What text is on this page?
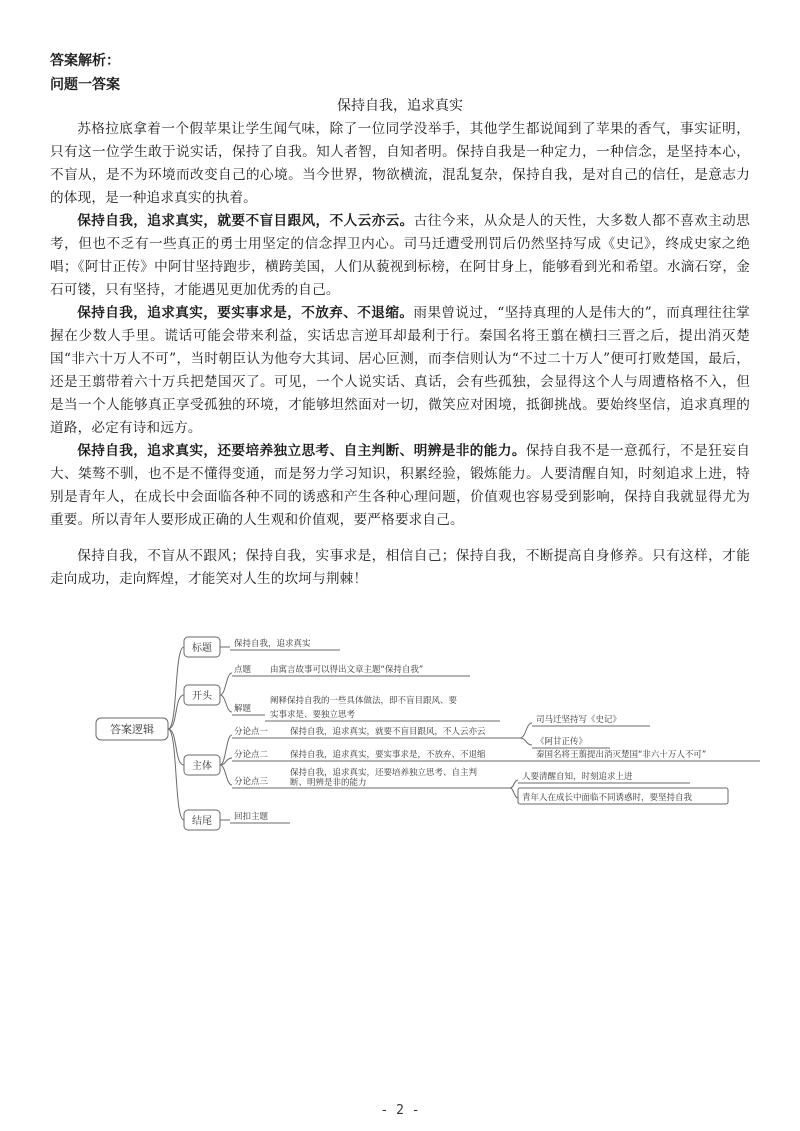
答案解析：
问题一答案
保持自我，追求真实
苏格拉底拿着一个假苹果让学生闻气味，除了一位同学没举手，其他学生都说闻到了苹果的香气，事实证明，只有这一位学生敢于说实话，保持了自我。知人者智，自知者明。保持自我是一种定力，一种信念，是坚持本心，不盲从，是不为环境而改变自己的心境。当今世界，物欲横流，混乱复杂，保持自我，是对自己的信任，是意志力的体现，是一种追求真实的执着。
保持自我，追求真实，就要不盲目跟风，不人云亦云。古往今来，从众是人的天性，大多数人都不喜欢主动思考，但也不乏有一些真正的勇士用坚定的信念捍卫内心。司马迁遭受刑罚后仍然坚持写成《史记》，终成史家之绝唱；《阿甘正传》中阿甘坚持跑步，横跨美国，人们从藐视到标榜，在阿甘身上，能够看到光和希望。水滴石穿，金石可镂，只有坚持，才能遇见更加优秀的自己。
保持自我，追求真实，要实事求是，不放弃、不退缩。雨果曾说过，“坚持真理的人是伟大的”，而真理往往掌握在少数人手里。谎话可能会带来利益，实话忠言逆耳却最利于行。秦国名将王翦在横扫三晋之后，提出消灭楚国“非六十万人不可”，当时朝臣认为他夸大其词、居心叵测，而李信则认为“不过二十万人”便可打败楚国，最后，还是王翦带着六十万兵把楚国灭了。可见，一个人说实话、真话，会有些孤独，会显得这个人与周遭格格不入，但是当一个人能够真正享受孤独的环境，才能够坦然面对一切，微笑应对困境，抵御挑战。要始终坚信，追求真理的道路，必定有诗和远方。
保持自我，追求真实，还要培养独立思考、自主判断、明辨是非的能力。保持自我不是一意孤行，不是狂妄自大、桀骜不驯，也不是不懂得变通，而是努力学习知识，积累经验，锻炼能力。人要清醒自知，时刻追求上进，特别是青年人，在成长中会面临各种不同的诱惑和产生各种心理问题，价值观也容易受到影响，保持自我就显得尤为重要。所以青年人要形成正确的人生观和价值观，要严格要求自己。
保持自我，不盲从不跟风；保持自我，实事求是，相信自己；保持自我，不断提高自身修养。只有这样，才能走向成功，走向辉煌，才能笑对人生的坎坷与荆棘！
答案逻辑
标题
开头
主体
结尾
保持自我，追求真实
点题 由寓言故事可以得出文章主题“保持自我”
解题
阐释保持自我的一些具体做法，即不盲目跟风、要
实事求是、要独立思考
分论点一	保持自我，追求真实，就要不盲目跟风，不人云亦云
司马迁坚持写《史记》
《阿甘正传》
分论点二	保持自我，追求真实，要实事求是，不放弃、不退缩	秦国名将王翦提出消灭楚国“非六十万人不可”
分论点三
保持自我，追求真实，还要培养独立思考、自主判
断、明辨是非的能力
人要清醒自知，时刻追求上进
青年人在成长中面临不同诱惑时，要坚持自我
回扣主题
- 2 -
